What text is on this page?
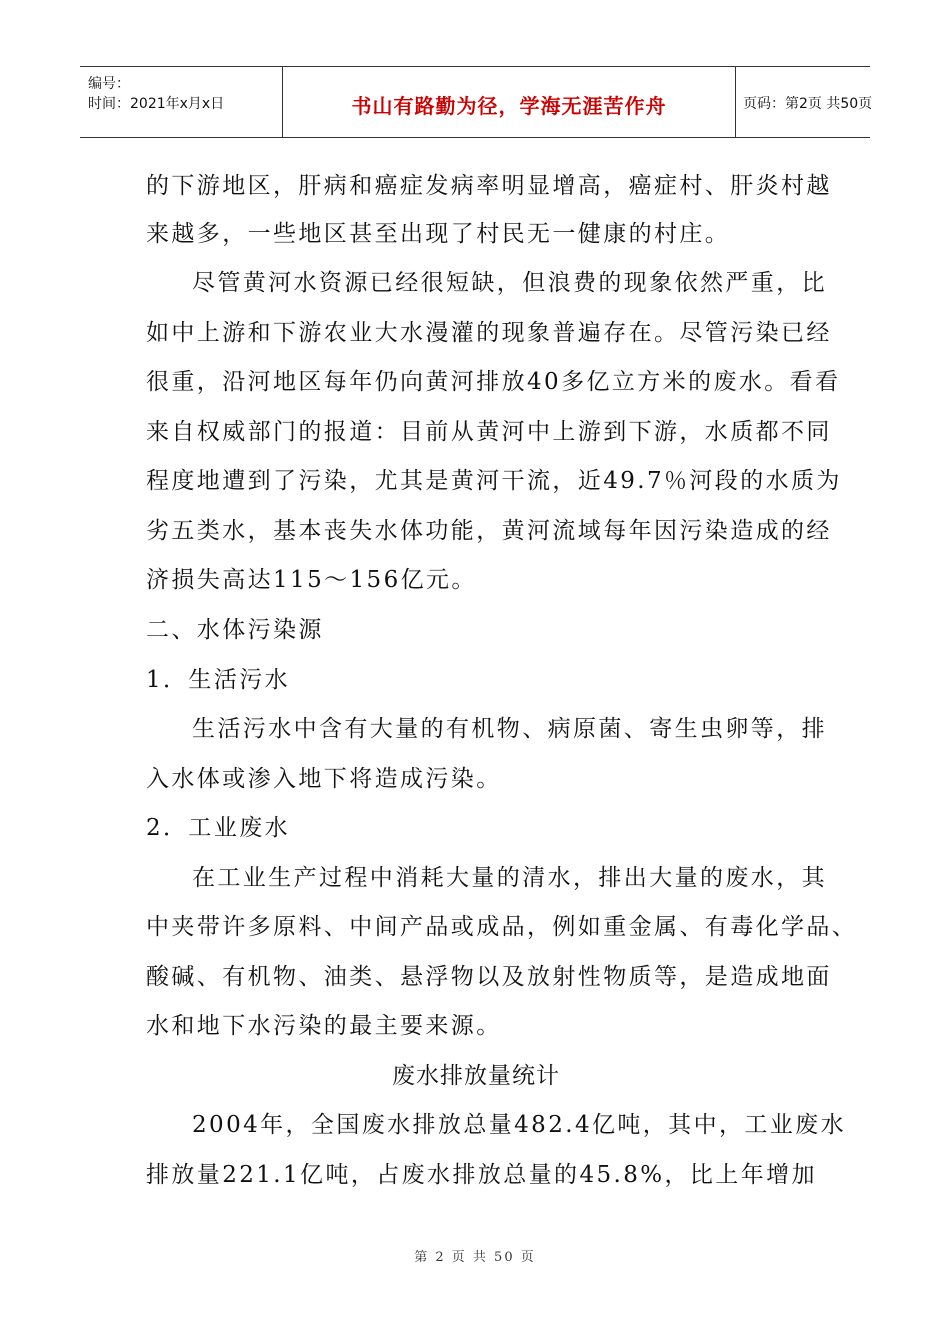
编号：
时间：2021年x月x日	书山有路勤为径，学海无涯苦作舟	页码：第2页 共50页
的下游地区，肝病和癌症发病率明显增高，癌症村、肝炎村越
来越多，一些地区甚至出现了村民无一健康的村庄。
尽管黄河水资源已经很短缺，但浪费的现象依然严重，比
如中上游和下游农业大水漫灌的现象普遍存在。尽管污染已经
很重，沿河地区每年仍向黄河排放40多亿立方米的废水。看看
来自权威部门的报道：目前从黄河中上游到下游，水质都不同
程度地遭到了污染，尤其是黄河干流，近49.7％河段的水质为
劣五类水，基本丧失水体功能，黄河流域每年因污染造成的经
济损失高达115～156亿元。
二、水体污染源
1．生活污水
生活污水中含有大量的有机物、病原菌、寄生虫卵等，排
入水体或渗入地下将造成污染。
2．工业废水
在工业生产过程中消耗大量的清水，排出大量的废水，其
中夹带许多原料、中间产品或成品，例如重金属、有毒化学品、
酸碱、有机物、油类、悬浮物以及放射性物质等，是造成地面
水和地下水污染的最主要来源。
废水排放量统计
2004年，全国废水排放总量482.4亿吨，其中，工业废水
排放量221.1亿吨，占废水排放总量的45.8%，比上年增加
第 2 页 共 50 页
